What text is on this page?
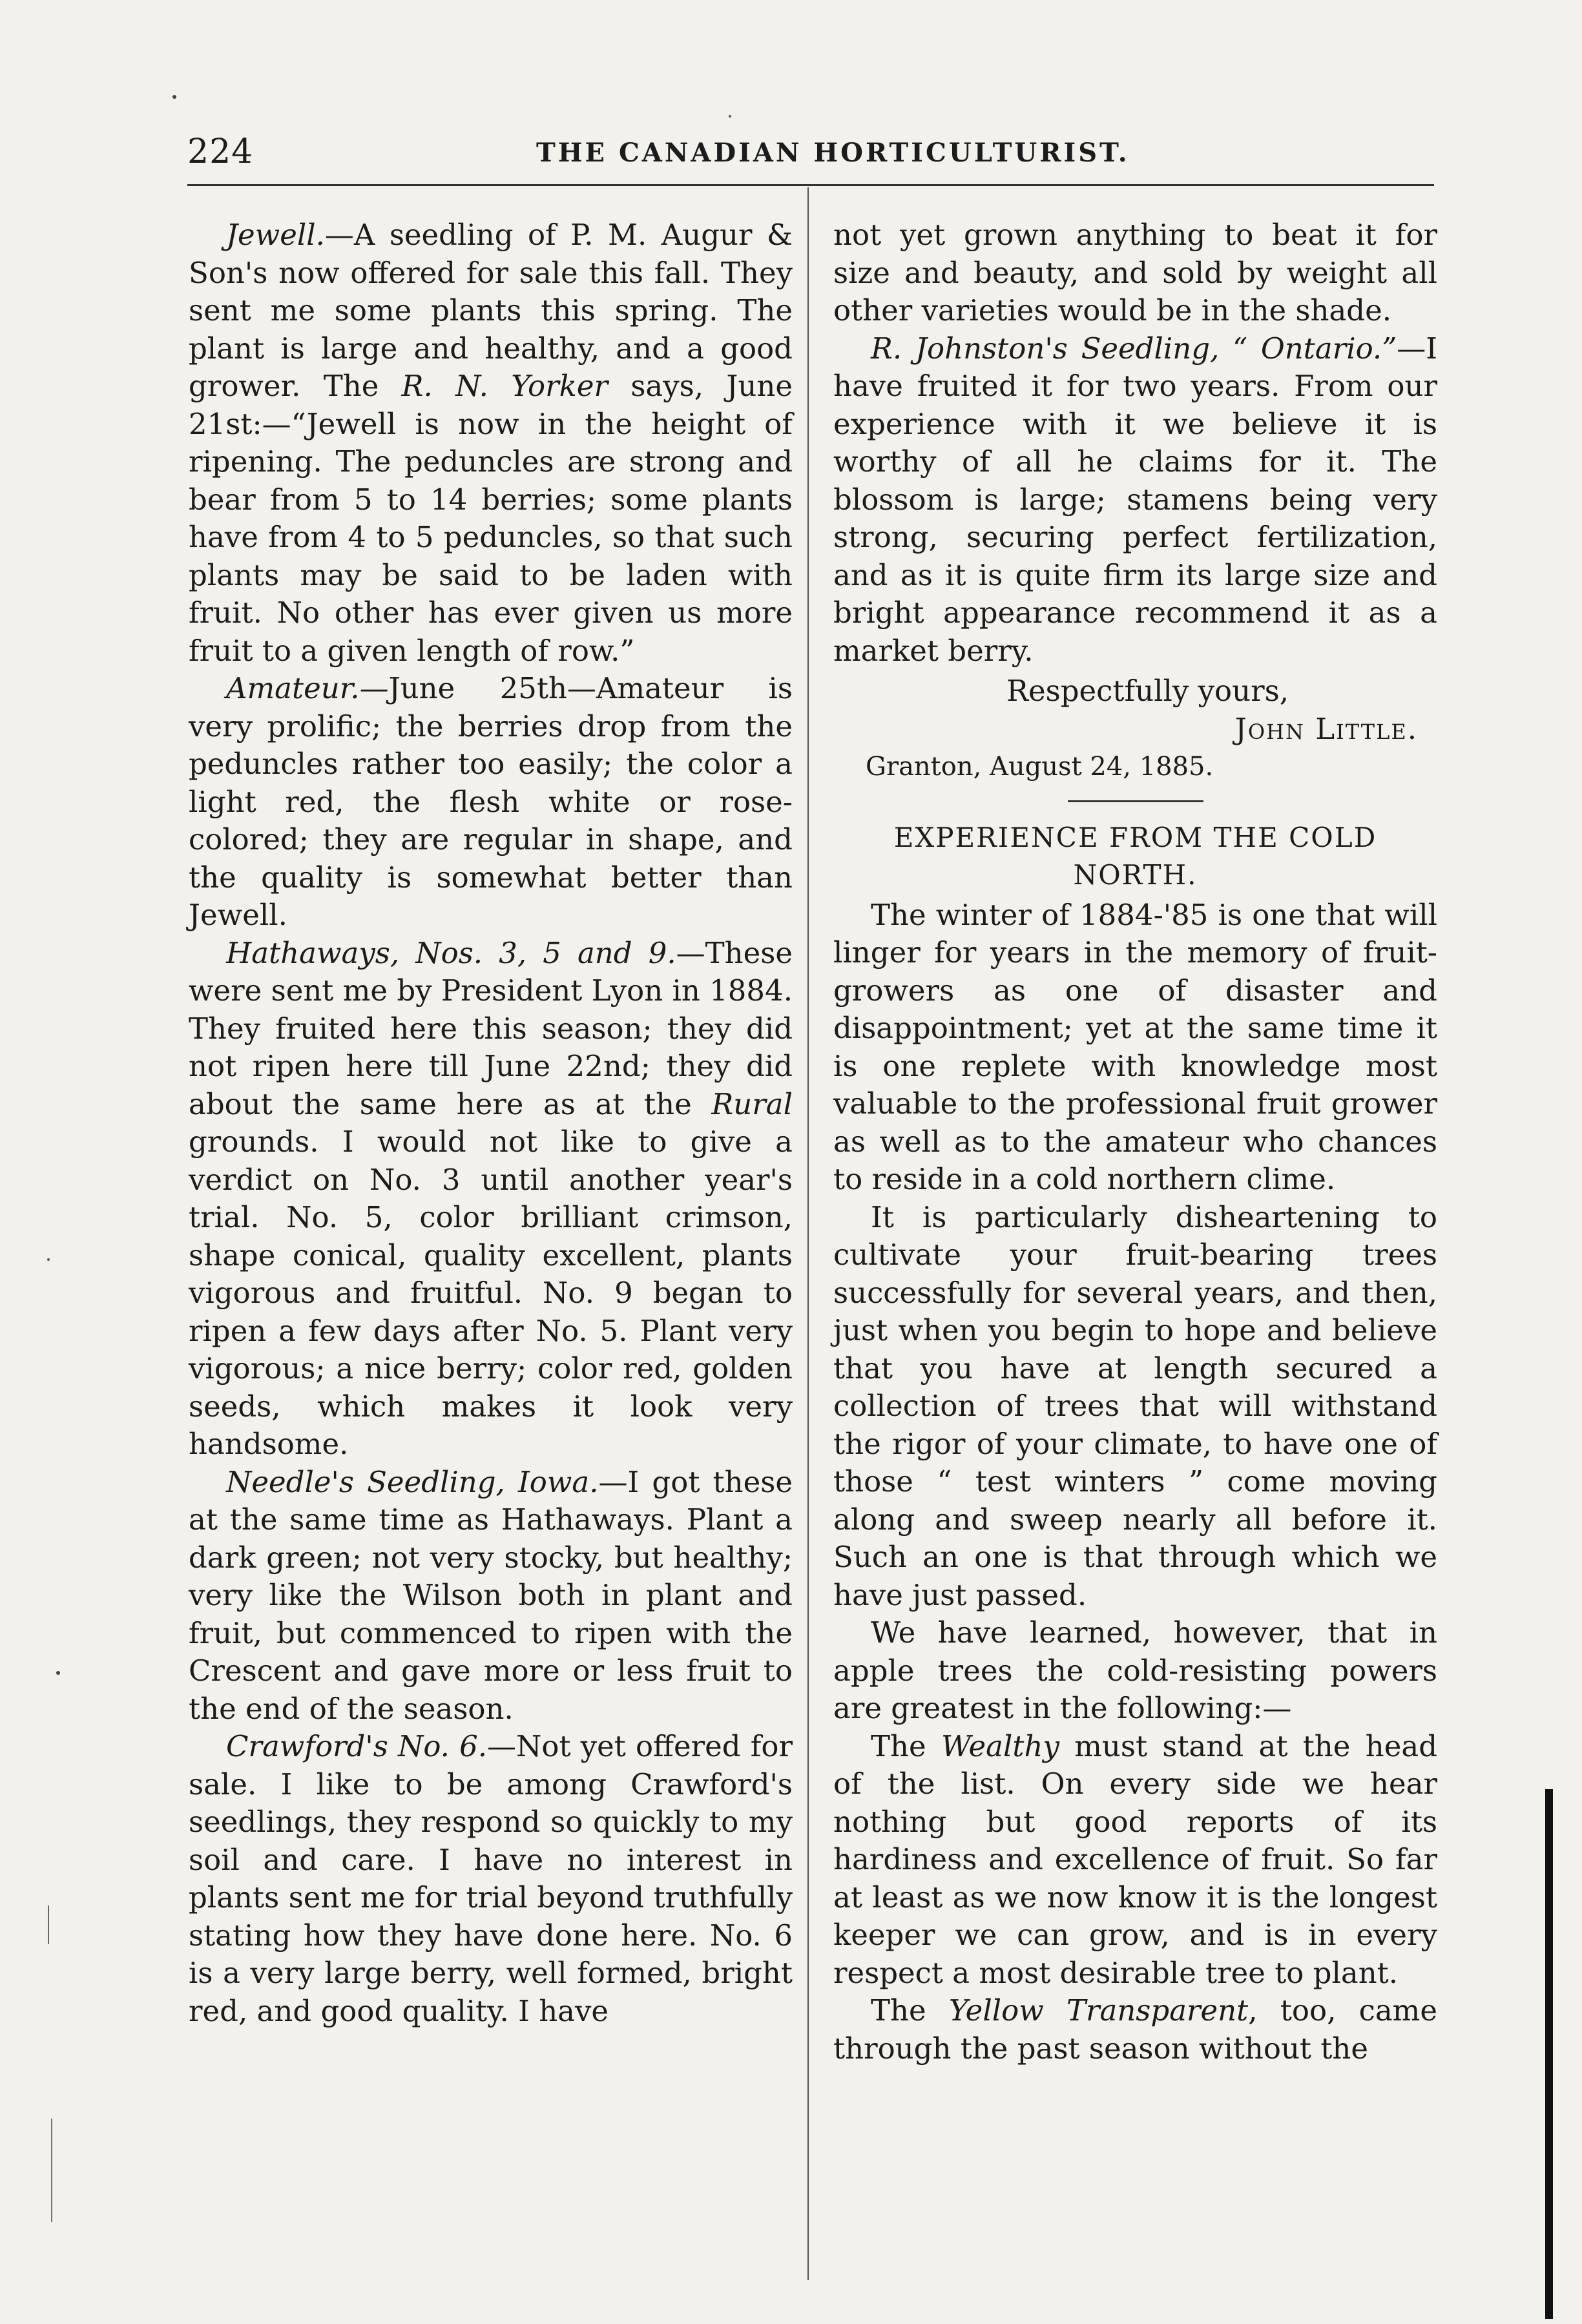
224	THE CANADIAN HORTICULTURIST.

Jewell.—A seedling of P. M. Augur & Son's now offered for sale this fall. They sent me some plants this spring. The plant is large and healthy, and a good grower. The R. N. Yorker says, June 21st:—“Jewell is now in the height of ripening. The peduncles are strong and bear from 5 to 14 berries; some plants have from 4 to 5 peduncles, so that such plants may be said to be laden with fruit. No other has ever given us more fruit to a given length of row.”

Amateur.—June 25th—Amateur is very prolific; the berries drop from the peduncles rather too easily; the color a light red, the flesh white or rose-colored; they are regular in shape, and the quality is somewhat better than Jewell.

Hathaways, Nos. 3, 5 and 9.—These were sent me by President Lyon in 1884. They fruited here this season; they did not ripen here till June 22nd; they did about the same here as at the Rural grounds. I would not like to give a verdict on No. 3 until another year's trial. No. 5, color brilliant crimson, shape conical, quality excellent, plants vigorous and fruitful. No. 9 began to ripen a few days after No. 5. Plant very vigorous; a nice berry; color red, golden seeds, which makes it look very handsome.

Needle's Seedling, Iowa.—I got these at the same time as Hathaways. Plant a dark green; not very stocky, but healthy; very like the Wilson both in plant and fruit, but commenced to ripen with the Crescent and gave more or less fruit to the end of the season.

Crawford's No. 6.—Not yet offered for sale. I like to be among Crawford's seedlings, they respond so quickly to my soil and care. I have no interest in plants sent me for trial beyond truthfully stating how they have done here. No. 6 is a very large berry, well formed, bright red, and good quality. I have

not yet grown anything to beat it for size and beauty, and sold by weight all other varieties would be in the shade.

R. Johnston's Seedling, “ Ontario.”—I have fruited it for two years. From our experience with it we believe it is worthy of all he claims for it. The blossom is large; stamens being very strong, securing perfect fertilization, and as it is quite firm its large size and bright appearance recommend it as a market berry.

Respectfully yours,
John Little.
Granton, August 24, 1885.
EXPERIENCE FROM THE COLD NORTH.

The winter of 1884-'85 is one that will linger for years in the memory of fruit-growers as one of disaster and disappointment; yet at the same time it is one replete with knowledge most valuable to the professional fruit grower as well as to the amateur who chances to reside in a cold northern clime.

It is particularly disheartening to cultivate your fruit-bearing trees successfully for several years, and then, just when you begin to hope and believe that you have at length secured a collection of trees that will withstand the rigor of your climate, to have one of those “ test winters ” come moving along and sweep nearly all before it. Such an one is that through which we have just passed.

We have learned, however, that in apple trees the cold-resisting powers are greatest in the following:—

The Wealthy must stand at the head of the list. On every side we hear nothing but good reports of its hardiness and excellence of fruit. So far at least as we now know it is the longest keeper we can grow, and is in every respect a most desirable tree to plant.

The Yellow Transparent, too, came through the past season without the
